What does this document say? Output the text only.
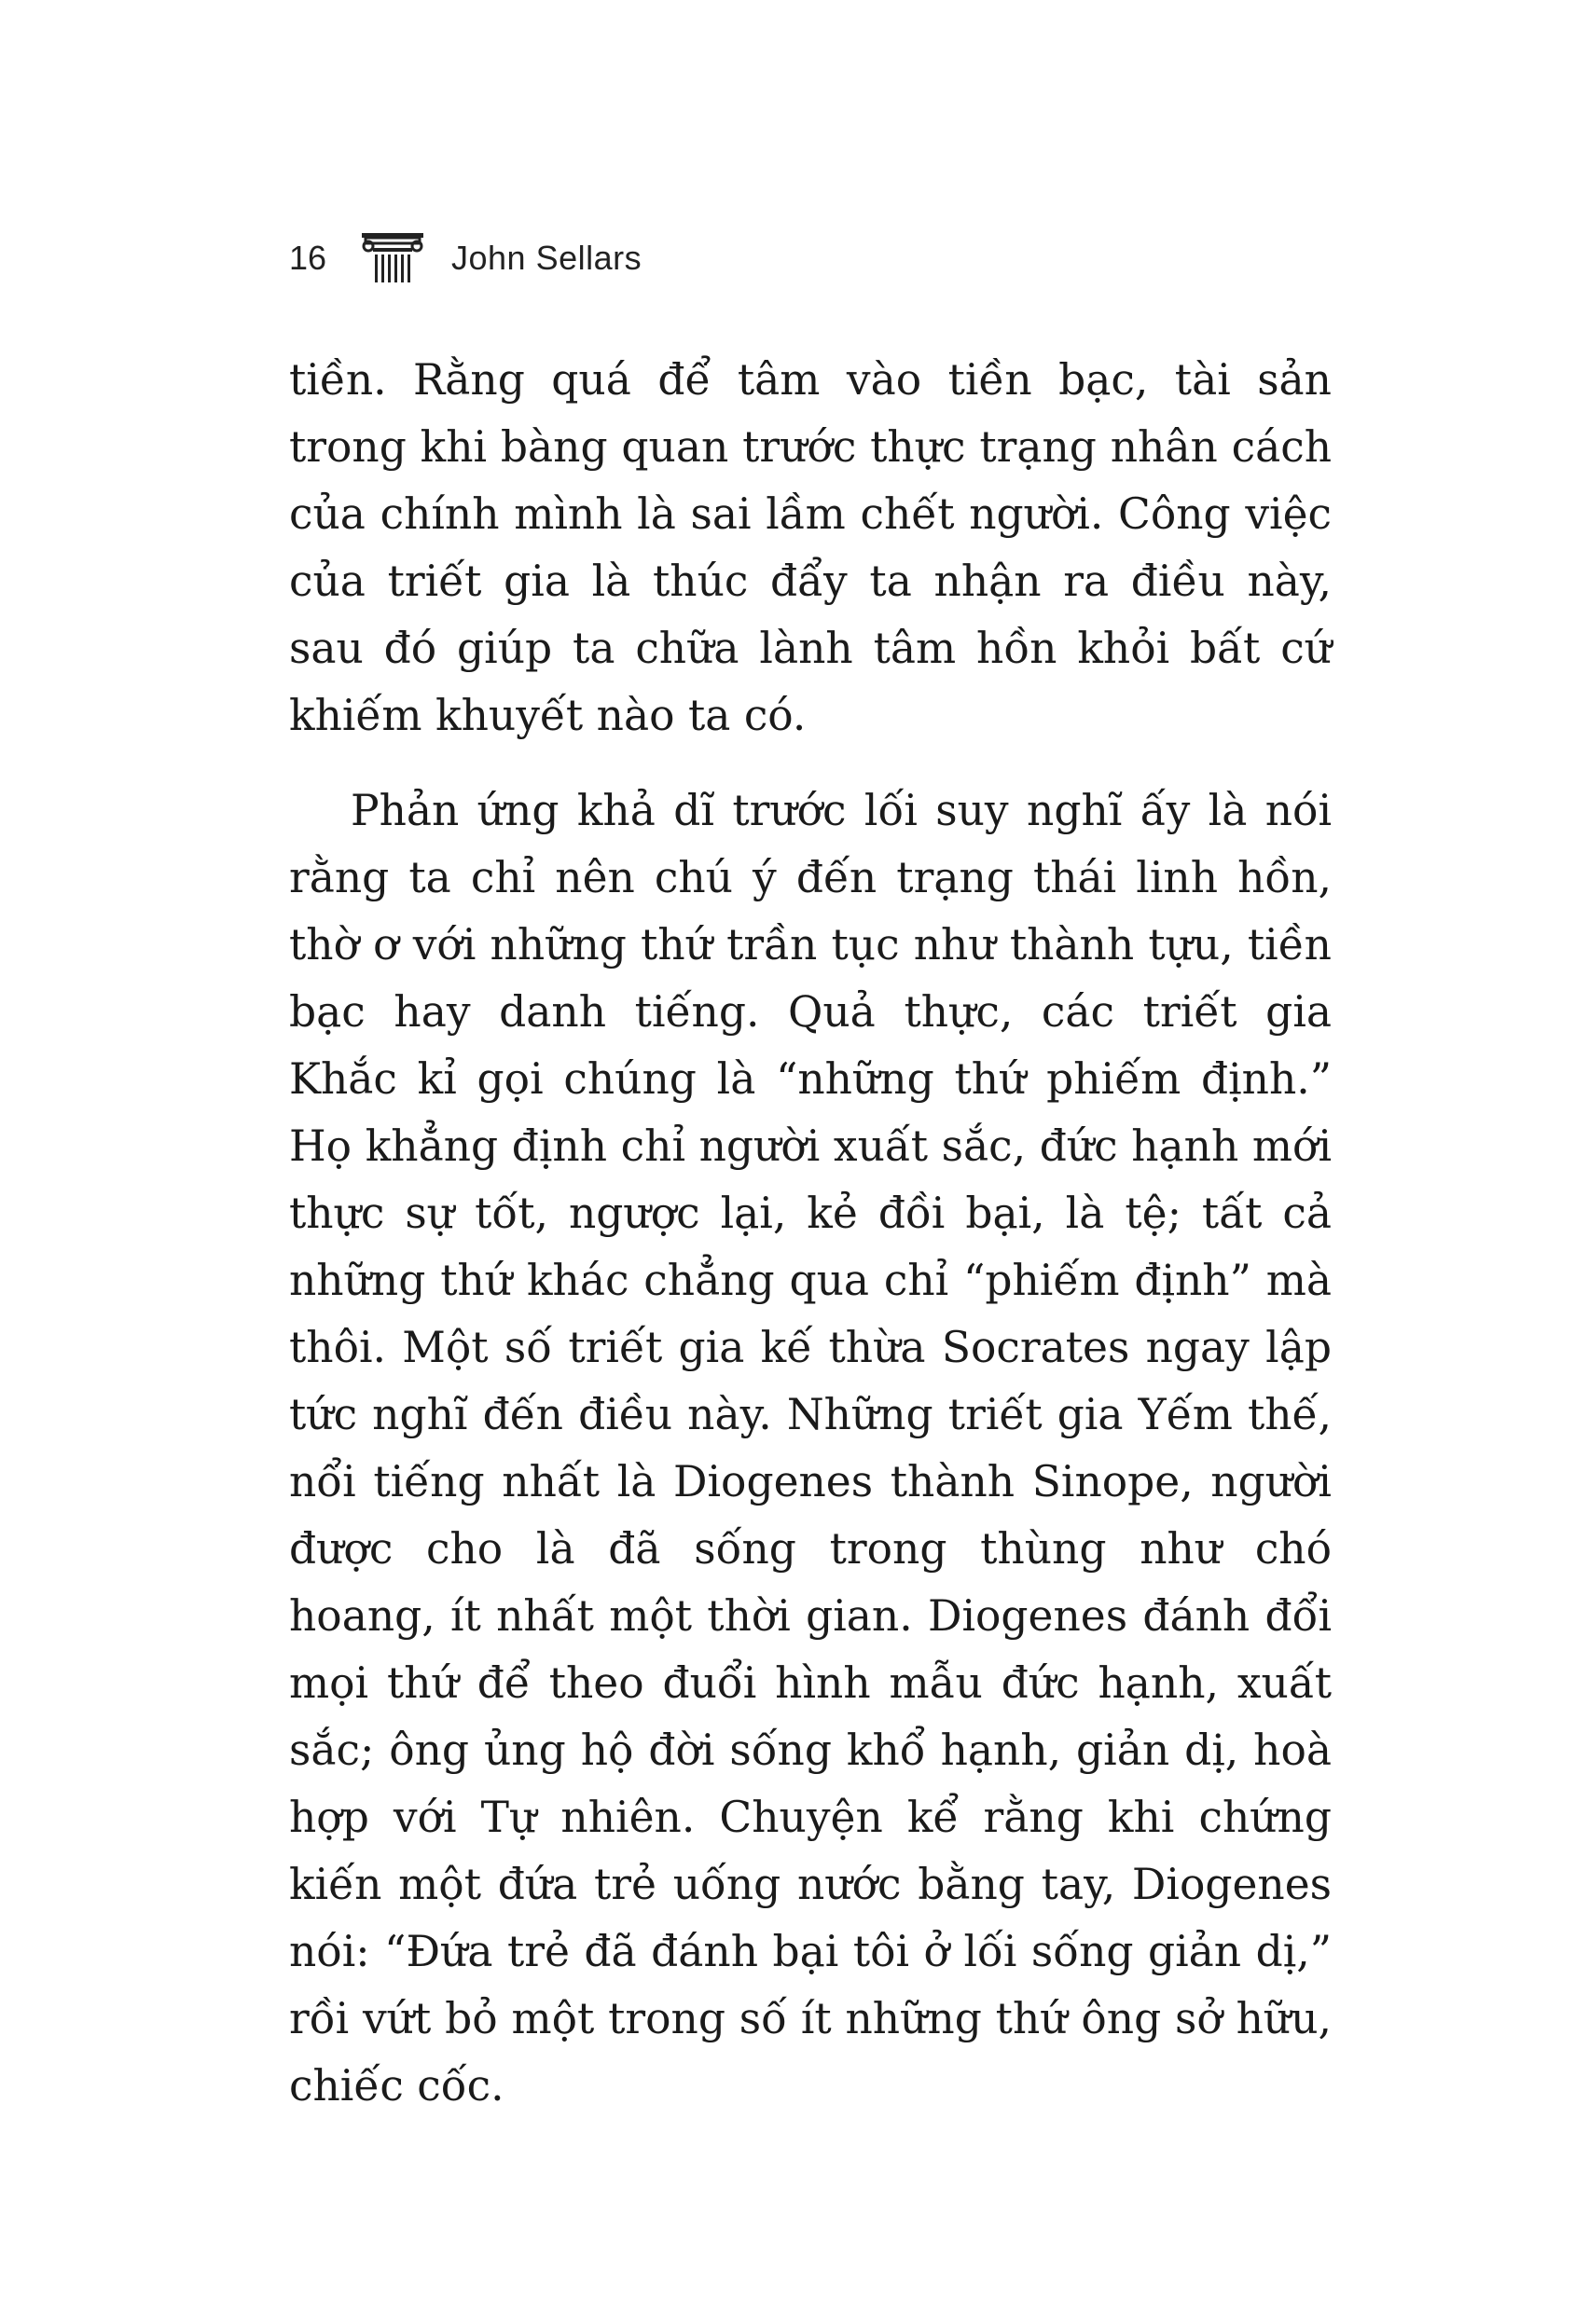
16	John Sellars

tiền. Rằng quá để tâm vào tiền bạc, tài sản trong khi bàng quan trước thực trạng nhân cách của chính mình là sai lầm chết người. Công việc của triết gia là thúc đẩy ta nhận ra điều này, sau đó giúp ta chữa lành tâm hồn khỏi bất cứ khiếm khuyết nào ta có.

Phản ứng khả dĩ trước lối suy nghĩ ấy là nói rằng ta chỉ nên chú ý đến trạng thái linh hồn, thờ ơ với những thứ trần tục như thành tựu, tiền bạc hay danh tiếng. Quả thực, các triết gia Khắc kỉ gọi chúng là “những thứ phiếm định.” Họ khẳng định chỉ người xuất sắc, đức hạnh mới thực sự tốt, ngược lại, kẻ đồi bại, là tệ; tất cả những thứ khác chẳng qua chỉ “phiếm định” mà thôi. Một số triết gia kế thừa Socrates ngay lập tức nghĩ đến điều này. Những triết gia Yếm thế, nổi tiếng nhất là Diogenes thành Sinope, người được cho là đã sống trong thùng như chó hoang, ít nhất một thời gian. Diogenes đánh đổi mọi thứ để theo đuổi hình mẫu đức hạnh, xuất sắc; ông ủng hộ đời sống khổ hạnh, giản dị, hoà hợp với Tự nhiên. Chuyện kể rằng khi chứng kiến một đứa trẻ uống nước bằng tay, Diogenes nói: “Đứa trẻ đã đánh bại tôi ở lối sống giản dị,” rồi vứt bỏ một trong số ít những thứ ông sở hữu, chiếc cốc.
